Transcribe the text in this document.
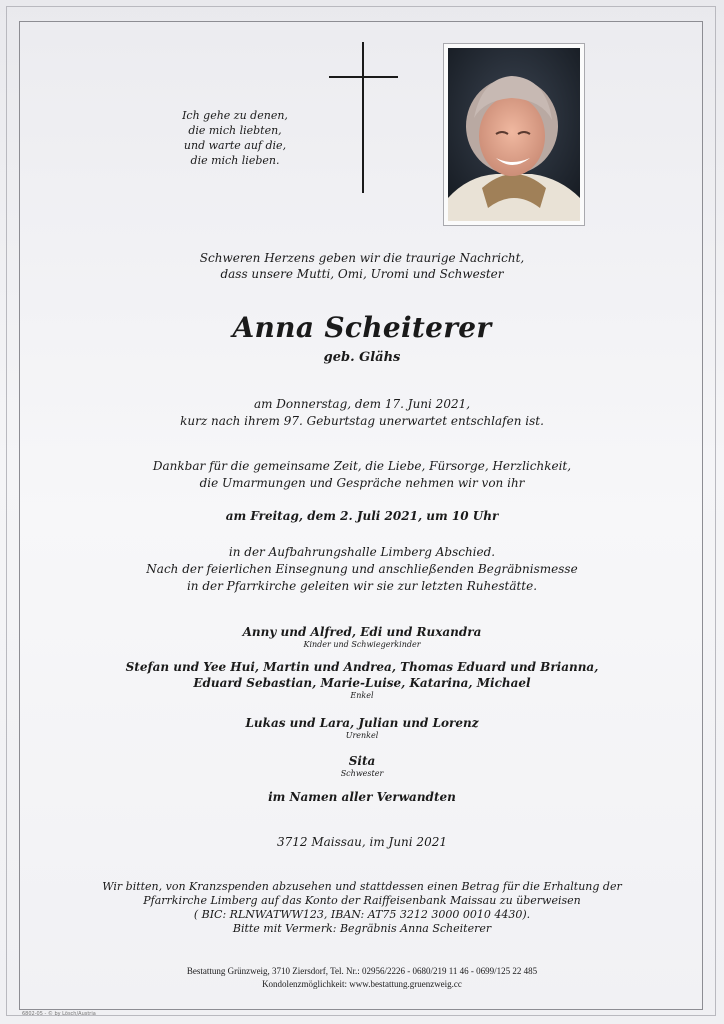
Ich gehe zu denen,
die mich liebten,
und warte auf die,
die mich lieben.
Schweren Herzens geben wir die traurige Nachricht,
dass unsere Mutti, Omi, Uromi und Schwester
Anna Scheiterer
geb. Glähs
am Donnerstag, dem 17. Juni 2021,
kurz nach ihrem 97. Geburtstag unerwartet entschlafen ist.
Dankbar für die gemeinsame Zeit, die Liebe, Fürsorge, Herzlichkeit,
die Umarmungen und Gespräche nehmen wir von ihr
am Freitag, dem 2. Juli 2021, um 10 Uhr
in der Aufbahrungshalle Limberg Abschied.
Nach der feierlichen Einsegnung und anschließenden Begräbnismesse
in der Pfarrkirche geleiten wir sie zur letzten Ruhestätte.
Anny und Alfred, Edi und Ruxandra
Kinder und Schwiegerkinder
Stefan und Yee Hui, Martin und Andrea, Thomas Eduard und Brianna,
Eduard Sebastian, Marie-Luise, Katarina, Michael
Enkel
Lukas und Lara, Julian und Lorenz
Urenkel
Sita
Schwester
im Namen aller Verwandten
3712 Maissau, im Juni 2021
Wir bitten, von Kranzspenden abzusehen und stattdessen einen Betrag für die Erhaltung der
Pfarrkirche Limberg auf das Konto der Raiffeisenbank Maissau zu überweisen
( BIC: RLNWATWW123, IBAN: AT75 3212 3000 0010 4430).
Bitte mit Vermerk: Begräbnis Anna Scheiterer
Bestattung Grünzweig, 3710 Ziersdorf, Tel. Nr.: 02956/2226 - 0680/219 11 46 - 0699/125 22 485
Kondolenzmöglichkeit: www.bestattung.gruenzweig.cc
6802-05 - © by Lösch/Austria
